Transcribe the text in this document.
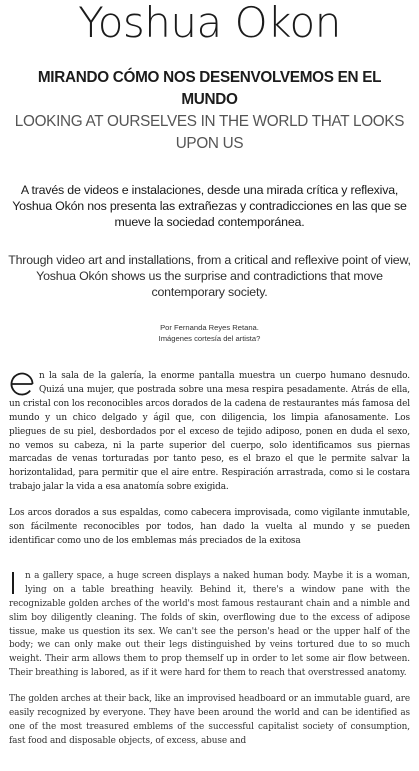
Yoshua Okon
MIRANDO CÓMO NOS DESENVOLVEMOS EN EL MUNDO
LOOKING AT OURSELVES IN THE WORLD THAT LOOKS UPON US

A través de videos e instalaciones, desde una mirada crítica y reflexiva, Yoshua Okón nos presenta las extrañezas y contradicciones en las que se mueve la sociedad contemporánea.

Through video art and installations, from a critical and reflexive point of view, Yoshua Okón shows us the surprise and contradictions that move contemporary society.

Por Fernanda Reyes Retana.
Imágenes cortesía del artista?
n la sala de la galería, la enorme pantalla muestra un cuerpo humano desnudo. Quizá una mujer, que postrada sobre una mesa respira pesadamente. Atrás de ella, un cristal con los reconocibles arcos dorados de la cadena de restaurantes más famosa del mundo y un chico delgado y ágil que, con diligencia, los limpia afanosamente. Los pliegues de su piel, desbordados por el exceso de tejido adiposo, ponen en duda el sexo, no vemos su cabeza, ni la parte superior del cuerpo, solo identificamos sus piernas marcadas de venas torturadas por tanto peso, es el brazo el que le permite salvar la horizontalidad, para permitir que el aire entre. Respiración arrastrada, como si le costara trabajo jalar la vida a esa anatomía sobre exigida.

Los arcos dorados a sus espaldas, como cabecera improvisada, como vigilante inmutable, son fácilmente reconocibles por todos, han dado la vuelta al mundo y se pueden identificar como uno de los emblemas más preciados de la exitosa

n a gallery space, a huge screen displays a naked human body. Maybe it is a woman, lying on a table breathing heavily. Behind it, there's a window pane with the recognizable golden arches of the world's most famous restaurant chain and a nimble and slim boy diligently cleaning. The folds of skin, overflowing due to the excess of adipose tissue, make us question its sex. We can't see the person's head or the upper half of the body; we can only make out their legs distinguished by veins tortured due to so much weight. Their arm allows them to prop themself up in order to let some air flow between. Their breathing is labored, as if it were hard for them to reach that overstressed anatomy.

The golden arches at their back, like an improvised headboard or an immutable guard, are easily recognized by everyone. They have been around the world and can be identified as one of the most treasured emblems of the successful capitalist society of consumption, fast food and disposable objects, of excess, abuse and
